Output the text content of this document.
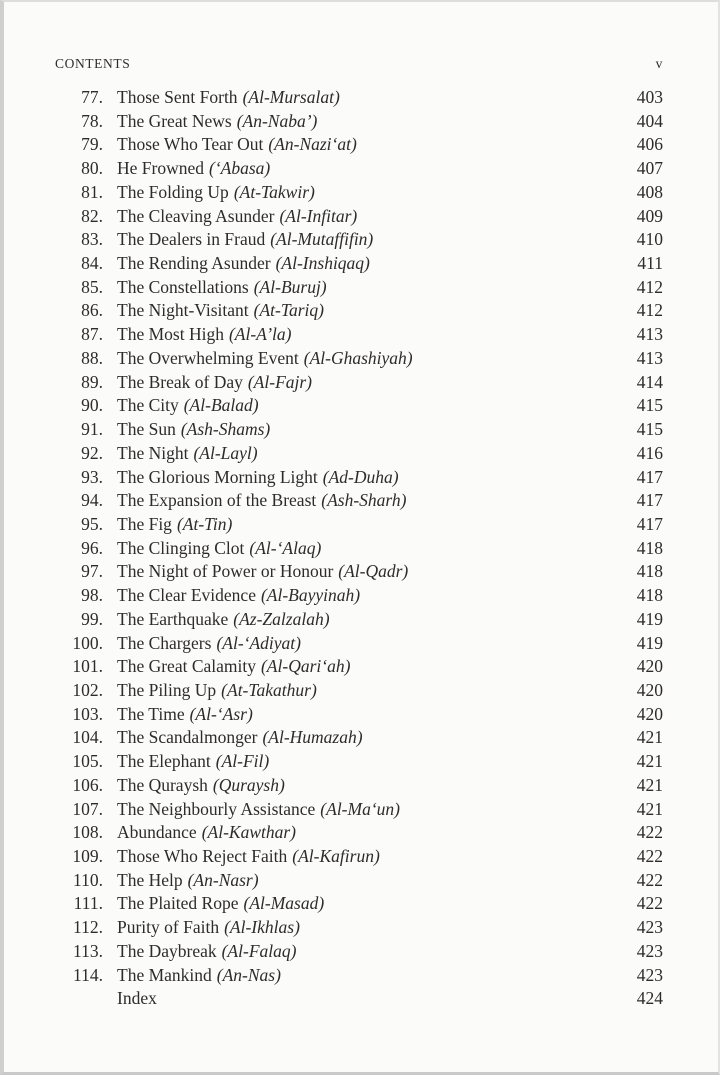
CONTENTS	v
77. Those Sent Forth (Al-Mursalat)	403
78. The Great News (An-Naba’)	404
79. Those Who Tear Out (An-Nazi‘at)	406
80. He Frowned (‘Abasa)	407
81. The Folding Up (At-Takwir)	408
82. The Cleaving Asunder (Al-Infitar)	409
83. The Dealers in Fraud (Al-Mutaffifin)	410
84. The Rending Asunder (Al-Inshiqaq)	411
85. The Constellations (Al-Buruj)	412
86. The Night-Visitant (At-Tariq)	412
87. The Most High (Al-A’la)	413
88. The Overwhelming Event (Al-Ghashiyah)	413
89. The Break of Day (Al-Fajr)	414
90. The City (Al-Balad)	415
91. The Sun (Ash-Shams)	415
92. The Night (Al-Layl)	416
93. The Glorious Morning Light (Ad-Duha)	417
94. The Expansion of the Breast (Ash-Sharh)	417
95. The Fig (At-Tin)	417
96. The Clinging Clot (Al-‘Alaq)	418
97. The Night of Power or Honour (Al-Qadr)	418
98. The Clear Evidence (Al-Bayyinah)	418
99. The Earthquake (Az-Zalzalah)	419
100. The Chargers (Al-‘Adiyat)	419
101. The Great Calamity (Al-Qari‘ah)	420
102. The Piling Up (At-Takathur)	420
103. The Time (Al-‘Asr)	420
104. The Scandalmonger (Al-Humazah)	421
105. The Elephant (Al-Fil)	421
106. The Quraysh (Quraysh)	421
107. The Neighbourly Assistance (Al-Ma‘un)	421
108. Abundance (Al-Kawthar)	422
109. Those Who Reject Faith (Al-Kafirun)	422
110. The Help (An-Nasr)	422
111. The Plaited Rope (Al-Masad)	422
112. Purity of Faith (Al-Ikhlas)	423
113. The Daybreak (Al-Falaq)	423
114. The Mankind (An-Nas)	423
Index	424
